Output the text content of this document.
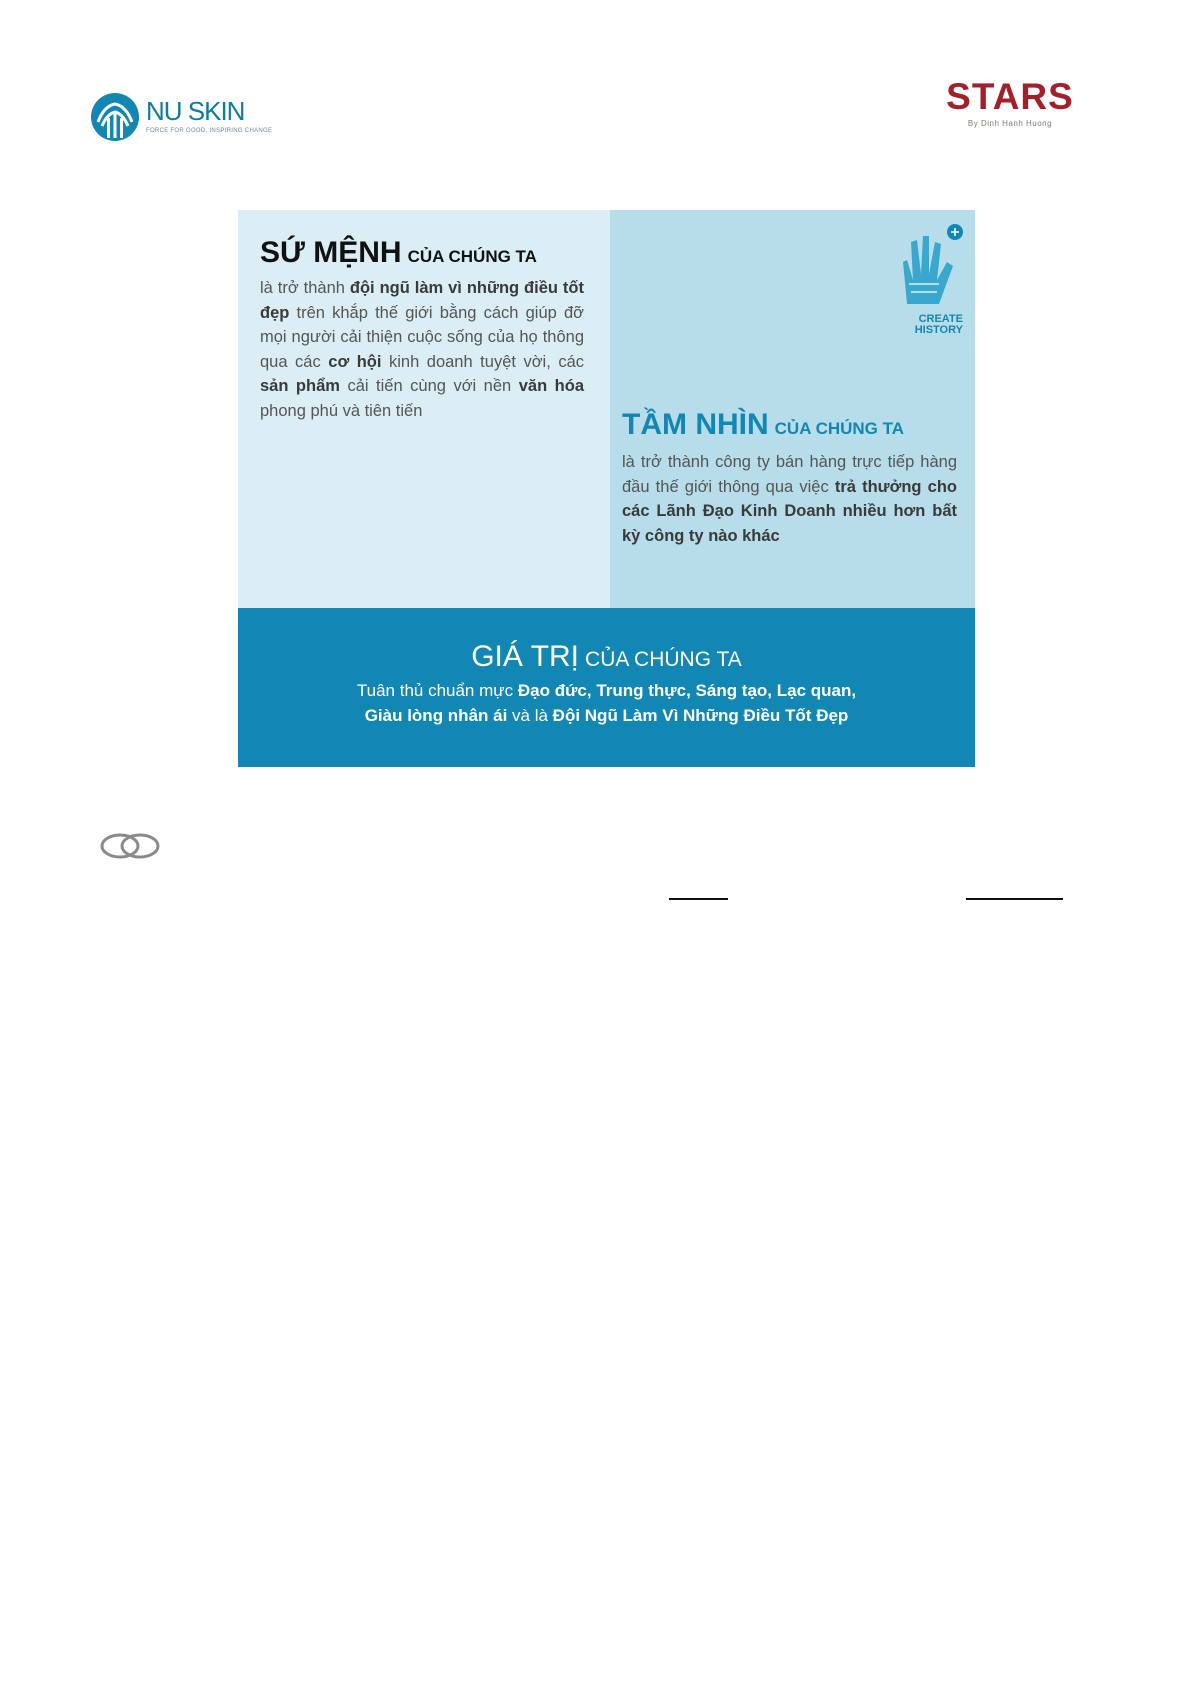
NU SKIN
FORCE FOR GOOD. INSPIRING CHANGE
STARS
By Dinh Hanh Huong
SỨ MỆNH CỦA CHÚNG TA
là trở thành đội ngũ làm vì những điều tốt đẹp trên khắp thế giới bằng cách giúp đỡ mọi người cải thiện cuộc sống của họ thông qua các cơ hội kinh doanh tuyệt vời, các sản phẩm cải tiến cùng với nền văn hóa phong phú và tiên tiến
CREATE
HISTORY
TẦM NHÌN CỦA CHÚNG TA
là trở thành công ty bán hàng trực tiếp hàng đầu thế giới thông qua việc trả thưởng cho các Lãnh Đạo Kinh Doanh nhiều hơn bất kỳ công ty nào khác
GIÁ TRỊ CỦA CHÚNG TA
Tuân thủ chuẩn mực Đạo đức, Trung thực, Sáng tạo, Lạc quan,
Giàu lòng nhân ái và là Đội Ngũ Làm Vì Những Điều Tốt Đẹp
